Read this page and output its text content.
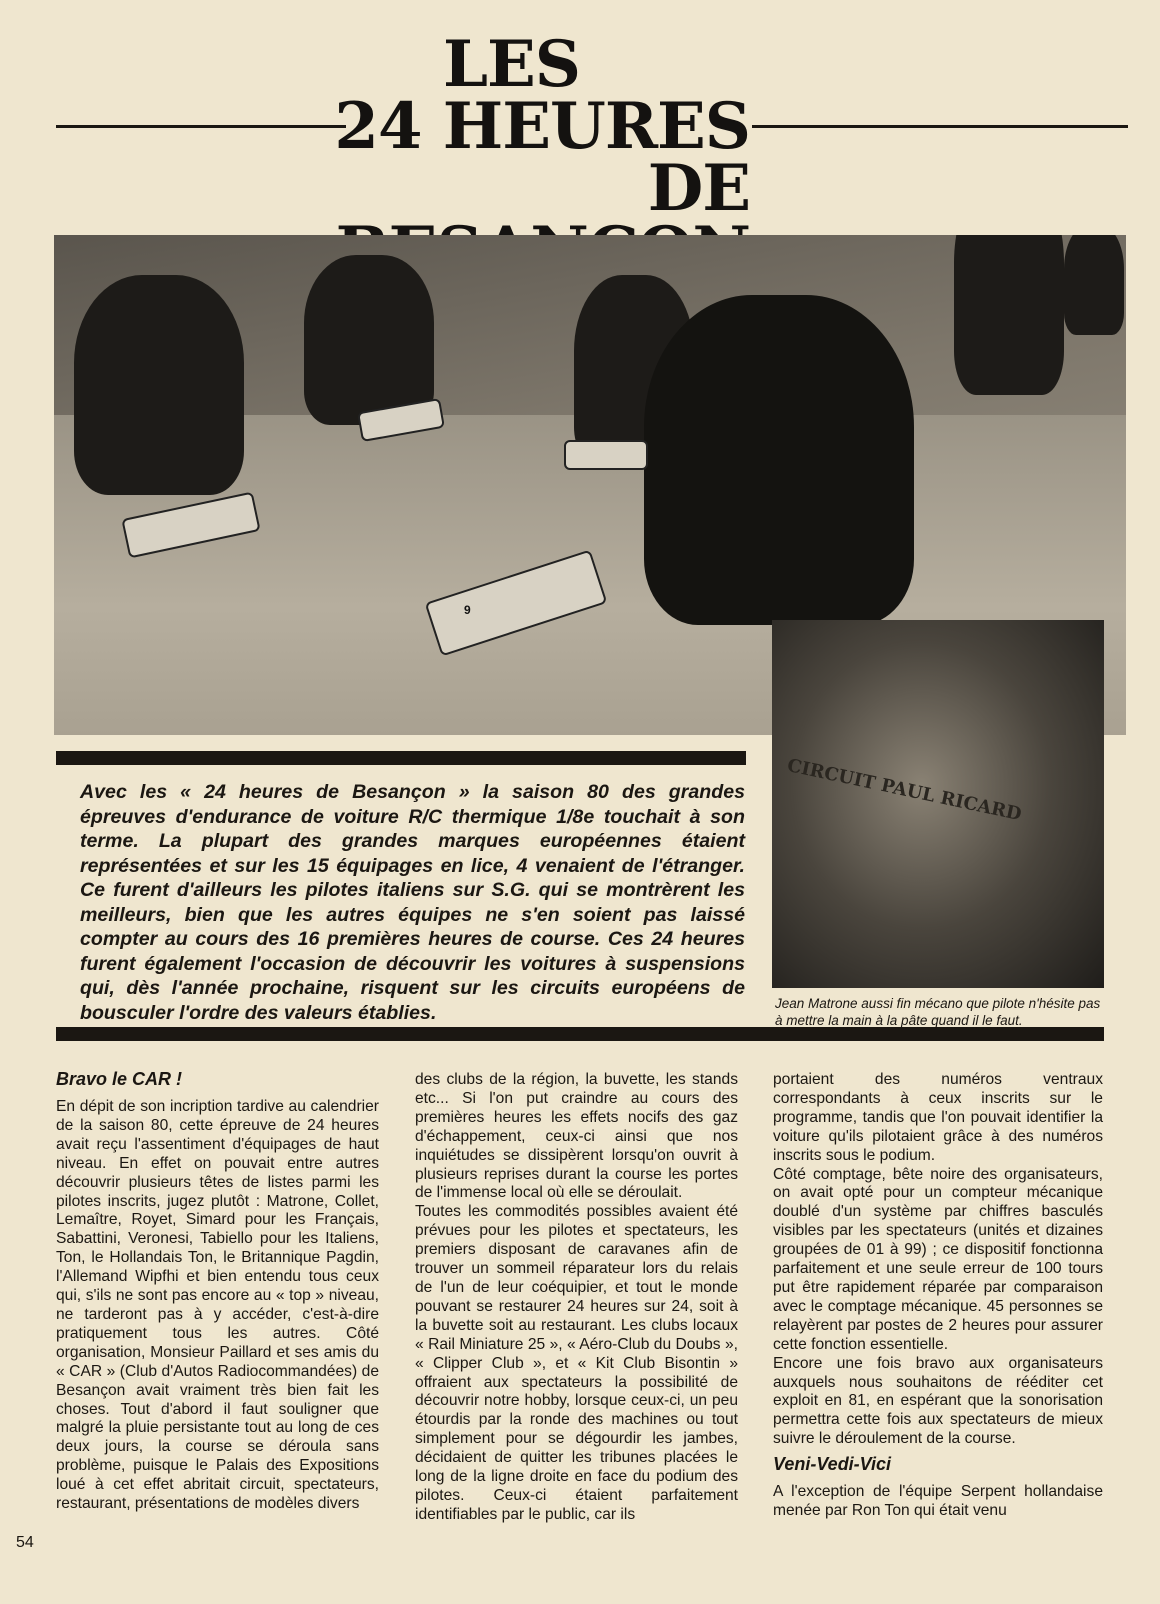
LES
24 HEURES
DE
9
CIRCUIT PAUL RICARD
Avec les « 24 heures de Besançon » la saison 80 des grandes épreuves d'endurance de voiture R/C thermique 1/8e touchait à son terme. La plupart des grandes marques européennes étaient représentées et sur les 15 équipages en lice, 4 venaient de l'étranger. Ce furent d'ailleurs les pilotes italiens sur S.G. qui se montrèrent les meilleurs, bien que les autres équipes ne s'en soient pas laissé compter au cours des 16 premières heures de course. Ces 24 heures furent également l'occasion de découvrir les voitures à suspensions qui, dès l'année prochaine, risquent sur les circuits européens de bousculer l'ordre des valeurs établies.	Jean Matrone aussi fin mécano que pilote n'hésite pas à mettre la main à la pâte quand il le faut.
Bravo le CAR !

En dépit de son incription tardive au calendrier de la saison 80, cette épreuve de 24 heures avait reçu l'assentiment d'équipages de haut niveau. En effet on pouvait entre autres découvrir plusieurs têtes de listes parmi les pilotes inscrits, jugez plutôt : Matrone, Collet, Lemaître, Royet, Simard pour les Français, Sabattini, Veronesi, Tabiello pour les Italiens, Ton, le Hollandais Ton, le Britannique Pagdin, l'Allemand Wipfhi et bien entendu tous ceux qui, s'ils ne sont pas encore au « top » niveau, ne tarderont pas à y accéder, c'est-à-dire pratiquement tous les autres. Côté organisation, Monsieur Paillard et ses amis du « CAR » (Club d'Autos Radiocommandées) de Besançon avait vraiment très bien fait les choses. Tout d'abord il faut souligner que malgré la pluie persistante tout au long de ces deux jours, la course se déroula sans problème, puisque le Palais des Expositions loué à cet effet abritait circuit, spectateurs, restaurant, présentations de modèles divers

des clubs de la région, la buvette, les stands etc... Si l'on put craindre au cours des premières heures les effets nocifs des gaz d'échappement, ceux-ci ainsi que nos inquiétudes se dissipèrent lorsqu'on ouvrit à plusieurs reprises durant la course les portes de l'immense local où elle se déroulait.

Toutes les commodités possibles avaient été prévues pour les pilotes et spectateurs, les premiers disposant de caravanes afin de trouver un sommeil réparateur lors du relais de l'un de leur coéquipier, et tout le monde pouvant se restaurer 24 heures sur 24, soit à la buvette soit au restaurant. Les clubs locaux « Rail Miniature 25 », « Aéro-Club du Doubs », « Clipper Club », et « Kit Club Bisontin » offraient aux spectateurs la possibilité de découvrir notre hobby, lorsque ceux-ci, un peu étourdis par la ronde des machines ou tout simplement pour se dégourdir les jambes, décidaient de quitter les tribunes placées le long de la ligne droite en face du podium des pilotes. Ceux-ci étaient parfaitement identifiables par le public, car ils

portaient des numéros ventraux correspondants à ceux inscrits sur le programme, tandis que l'on pouvait identifier la voiture qu'ils pilotaient grâce à des numéros inscrits sous le podium.

Côté comptage, bête noire des organisateurs, on avait opté pour un compteur mécanique doublé d'un système par chiffres basculés visibles par les spectateurs (unités et dizaines groupées de 01 à 99) ; ce dispositif fonctionna parfaitement et une seule erreur de 100 tours put être rapidement réparée par comparaison avec le comptage mécanique. 45 personnes se relayèrent par postes de 2 heures pour assurer cette fonction essentielle.

Encore une fois bravo aux organisateurs auxquels nous souhaitons de rééditer cet exploit en 81, en espérant que la sonorisation permettra cette fois aux spectateurs de mieux suivre le déroulement de la course.

Veni-Vedi-Vici

A l'exception de l'équipe Serpent hollandaise menée par Ron Ton qui était venu

54
